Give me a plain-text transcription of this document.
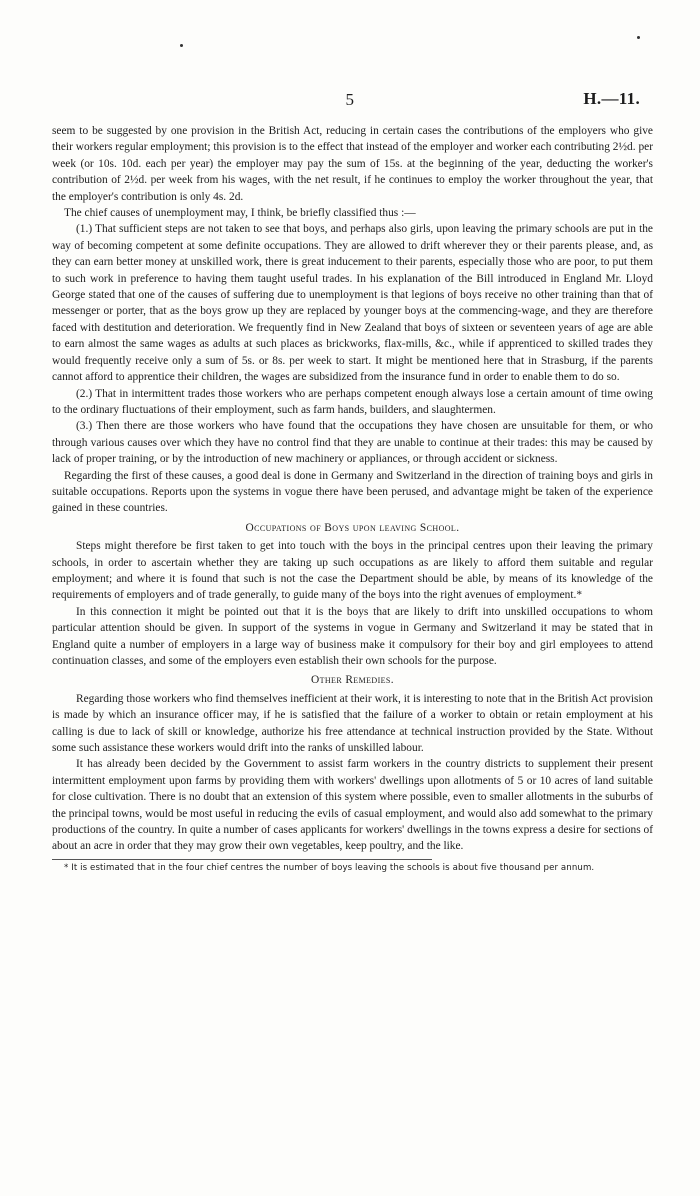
5	H.—11.

seem to be suggested by one provision in the British Act, reducing in certain cases the contributions of the employers who give their workers regular employment; this provision is to the effect that instead of the employer and worker each contributing 2½d. per week (or 10s. 10d. each per year) the employer may pay the sum of 15s. at the beginning of the year, deducting the worker's contribution of 2½d. per week from his wages, with the net result, if he continues to employ the worker throughout the year, that the employer's contribution is only 4s. 2d.

The chief causes of unemployment may, I think, be briefly classified thus :—

(1.) That sufficient steps are not taken to see that boys, and perhaps also girls, upon leaving the primary schools are put in the way of becoming competent at some definite occupations. They are allowed to drift wherever they or their parents please, and, as they can earn better money at unskilled work, there is great inducement to their parents, especially those who are poor, to put them to such work in preference to having them taught useful trades. In his explanation of the Bill introduced in England Mr. Lloyd George stated that one of the causes of suffering due to unemployment is that legions of boys receive no other training than that of messenger or porter, that as the boys grow up they are replaced by younger boys at the commencing-wage, and they are therefore faced with destitution and deterioration. We frequently find in New Zealand that boys of sixteen or seventeen years of age are able to earn almost the same wages as adults at such places as brickworks, flax-mills, &c., while if apprenticed to skilled trades they would frequently receive only a sum of 5s. or 8s. per week to start. It might be mentioned here that in Strasburg, if the parents cannot afford to apprentice their children, the wages are subsidized from the insurance fund in order to enable them to do so.

(2.) That in intermittent trades those workers who are perhaps competent enough always lose a certain amount of time owing to the ordinary fluctuations of their employment, such as farm hands, builders, and slaughtermen.

(3.) Then there are those workers who have found that the occupations they have chosen are unsuitable for them, or who through various causes over which they have no control find that they are unable to continue at their trades: this may be caused by lack of proper training, or by the introduction of new machinery or appliances, or through accident or sickness.

Regarding the first of these causes, a good deal is done in Germany and Switzerland in the direction of training boys and girls in suitable occupations. Reports upon the systems in vogue there have been perused, and advantage might be taken of the experience gained in these countries.

Occupations of Boys upon leaving School.

Steps might therefore be first taken to get into touch with the boys in the principal centres upon their leaving the primary schools, in order to ascertain whether they are taking up such occupations as are likely to afford them suitable and regular employment; and where it is found that such is not the case the Department should be able, by means of its knowledge of the requirements of employers and of trade generally, to guide many of the boys into the right avenues of employment.*

In this connection it might be pointed out that it is the boys that are likely to drift into unskilled occupations to whom particular attention should be given. In support of the systems in vogue in Germany and Switzerland it may be stated that in England quite a number of employers in a large way of business make it compulsory for their boy and girl employees to attend continuation classes, and some of the employers even establish their own schools for the purpose.

Other Remedies.

Regarding those workers who find themselves inefficient at their work, it is interesting to note that in the British Act provision is made by which an insurance officer may, if he is satisfied that the failure of a worker to obtain or retain employment at his calling is due to lack of skill or knowledge, authorize his free attendance at technical instruction provided by the State. Without some such assistance these workers would drift into the ranks of unskilled labour.

It has already been decided by the Government to assist farm workers in the country districts to supplement their present intermittent employment upon farms by providing them with workers' dwellings upon allotments of 5 or 10 acres of land suitable for close cultivation. There is no doubt that an extension of this system where possible, even to smaller allotments in the suburbs of the principal towns, would be most useful in reducing the evils of casual employment, and would also add somewhat to the primary productions of the country. In quite a number of cases applicants for workers' dwellings in the towns express a desire for sections of about an acre in order that they may grow their own vegetables, keep poultry, and the like.

* It is estimated that in the four chief centres the number of boys leaving the schools is about five thousand per annum.
